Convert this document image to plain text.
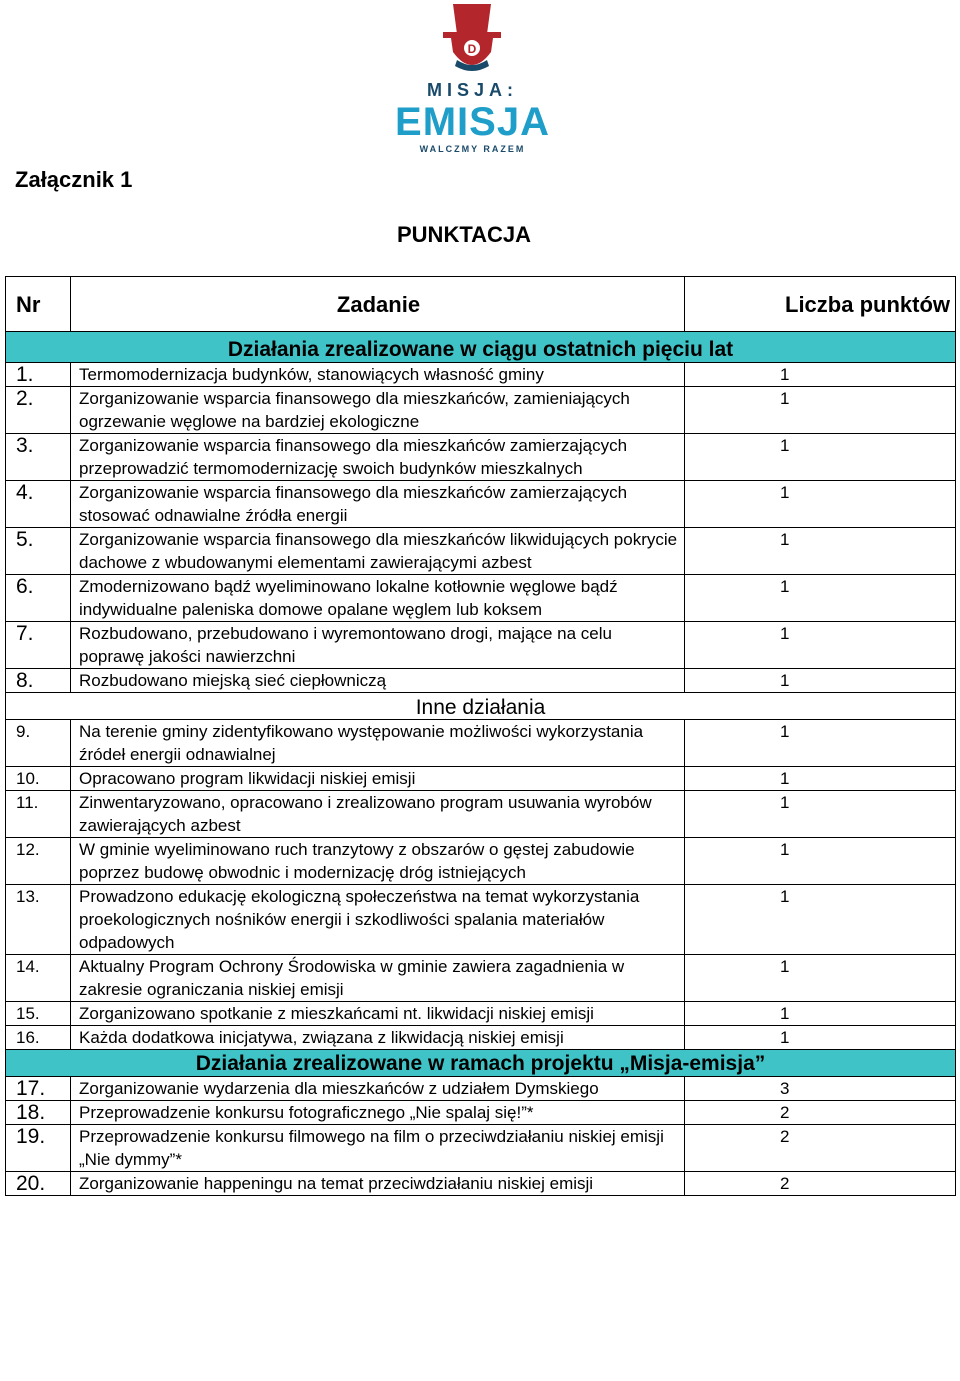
D
MISJA:
EMISJA
WALCZMY RAZEM
Załącznik 1
PUNKTACJA
Nr	Zadanie	Liczba punktów
Działania zrealizowane w ciągu ostatnich pięciu lat		
1.	Termomodernizacja budynków, stanowiących własność gminy	1
2.	Zorganizowanie wsparcia finansowego dla mieszkańców, zamieniających ogrzewanie węglowe na bardziej ekologiczne	1
3.	Zorganizowanie wsparcia finansowego dla mieszkańców zamierzających przeprowadzić termomodernizację swoich budynków mieszkalnych	1
4.	Zorganizowanie wsparcia finansowego dla mieszkańców zamierzających stosować odnawialne źródła energii	1
5.	Zorganizowanie wsparcia finansowego dla mieszkańców likwidujących pokrycie dachowe z wbudowanymi elementami zawierającymi azbest	1
6.	Zmodernizowano bądź wyeliminowano lokalne kotłownie węglowe bądź indywidualne paleniska domowe opalane węglem lub koksem	1
7.	Rozbudowano, przebudowano i wyremontowano drogi, mające na celu poprawę jakości nawierzchni	1
8.	Rozbudowano miejską sieć ciepłowniczą	1
Inne działania		
9.	Na terenie gminy zidentyfikowano występowanie możliwości wykorzystania źródeł energii odnawialnej	1
10.	Opracowano program likwidacji niskiej emisji	1
11.	Zinwentaryzowano, opracowano i zrealizowano program usuwania wyrobów zawierających azbest	1
12.	W gminie wyeliminowano ruch tranzytowy z obszarów o gęstej zabudowie poprzez budowę obwodnic i modernizację dróg istniejących	1
13.	Prowadzono edukację ekologiczną społeczeństwa na temat wykorzystania proekologicznych nośników energii i szkodliwości spalania materiałów odpadowych	1
14.	Aktualny Program Ochrony Środowiska w gminie zawiera zagadnienia w zakresie ograniczania niskiej emisji	1
15.	Zorganizowano spotkanie z mieszkańcami nt. likwidacji niskiej emisji	1
16.	Każda dodatkowa inicjatywa, związana z likwidacją niskiej emisji	1
Działania zrealizowane w ramach projektu „Misja-emisja”		
17.	Zorganizowanie wydarzenia dla mieszkańców z udziałem Dymskiego	3
18.	Przeprowadzenie konkursu fotograficznego „Nie spalaj się!”*	2
19.	Przeprowadzenie konkursu filmowego na film o przeciwdziałaniu niskiej emisji „Nie dymmy”*	2
20.	Zorganizowanie happeningu na temat przeciwdziałaniu niskiej emisji	2
